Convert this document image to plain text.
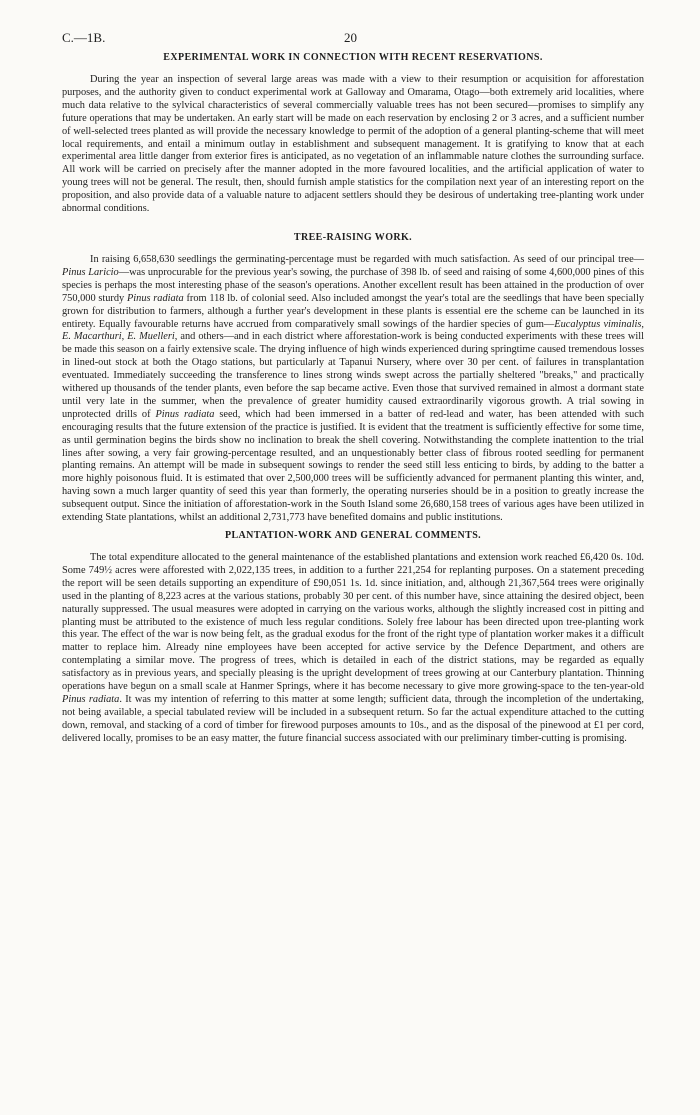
C.—1B.	20
EXPERIMENTAL WORK IN CONNECTION WITH RECENT RESERVATIONS.

During the year an inspection of several large areas was made with a view to their resumption or acquisition for afforestation purposes, and the authority given to conduct experimental work at Galloway and Omarama, Otago—both extremely arid localities, where much data relative to the sylvical characteristics of several commercially valuable trees has not been secured—promises to simplify any future operations that may be undertaken. An early start will be made on each reservation by enclosing 2 or 3 acres, and a sufficient number of well-selected trees planted as will provide the necessary knowledge to permit of the adoption of a general planting-scheme that will meet local requirements, and entail a minimum outlay in establishment and subsequent management. It is gratifying to know that at each experimental area little danger from exterior fires is anticipated, as no vegetation of an inflammable nature clothes the surrounding surface. All work will be carried on precisely after the manner adopted in the more favoured localities, and the artificial application of water to young trees will not be general. The result, then, should furnish ample statistics for the compilation next year of an interesting report on the proposition, and also provide data of a valuable nature to adjacent settlers should they be desirous of undertaking tree-planting work under abnormal conditions.

TREE-RAISING WORK.

In raising 6,658,630 seedlings the germinating-percentage must be regarded with much satisfaction. As seed of our principal tree—Pinus Laricio—was unprocurable for the previous year's sowing, the purchase of 398 lb. of seed and raising of some 4,600,000 pines of this species is perhaps the most interesting phase of the season's operations. Another excellent result has been attained in the production of over 750,000 sturdy Pinus radiata from 118 lb. of colonial seed. Also included amongst the year's total are the seedlings that have been specially grown for distribution to farmers, although a further year's development in these plants is essential ere the scheme can be launched in its entirety. Equally favourable returns have accrued from comparatively small sowings of the hardier species of gum—Eucalyptus viminalis, E. Macarthuri, E. Muelleri, and others—and in each district where afforestation-work is being conducted experiments with these trees will be made this season on a fairly extensive scale. The drying influence of high winds experienced during springtime caused tremendous losses in lined-out stock at both the Otago stations, but particularly at Tapanui Nursery, where over 30 per cent. of failures in transplantation eventuated. Immediately succeeding the transference to lines strong winds swept across the partially sheltered "breaks," and practically withered up thousands of the tender plants, even before the sap became active. Even those that survived remained in almost a dormant state until very late in the summer, when the prevalence of greater humidity caused extraordinarily vigorous growth. A trial sowing in unprotected drills of Pinus radiata seed, which had been immersed in a batter of red-lead and water, has been attended with such encouraging results that the future extension of the practice is justified. It is evident that the treatment is sufficiently effective for some time, as until germination begins the birds show no inclination to break the shell covering. Notwithstanding the complete inattention to the trial lines after sowing, a very fair growing-percentage resulted, and an unquestionably better class of fibrous rooted seedling for permanent planting remains. An attempt will be made in subsequent sowings to render the seed still less enticing to birds, by adding to the batter a more highly poisonous fluid. It is estimated that over 2,500,000 trees will be sufficiently advanced for permanent planting this winter, and, having sown a much larger quantity of seed this year than formerly, the operating nurseries should be in a position to greatly increase the subsequent output. Since the initiation of afforestation-work in the South Island some 26,680,158 trees of various ages have been utilized in extending State plantations, whilst an additional 2,731,773 have benefited domains and public institutions.

PLANTATION-WORK AND GENERAL COMMENTS.

The total expenditure allocated to the general maintenance of the established plantations and extension work reached £6,420 0s. 10d. Some 749½ acres were afforested with 2,022,135 trees, in addition to a further 221,254 for replanting purposes. On a statement preceding the report will be seen details supporting an expenditure of £90,051 1s. 1d. since initiation, and, although 21,367,564 trees were originally used in the planting of 8,223 acres at the various stations, probably 30 per cent. of this number have, since attaining the desired object, been naturally suppressed. The usual measures were adopted in carrying on the various works, although the slightly increased cost in pitting and planting must be attributed to the existence of much less regular conditions. Solely free labour has been directed upon tree-planting work this year. The effect of the war is now being felt, as the gradual exodus for the front of the right type of plantation worker makes it a difficult matter to replace him. Already nine employees have been accepted for active service by the Defence Department, and others are contemplating a similar move. The progress of trees, which is detailed in each of the district stations, may be regarded as equally satisfactory as in previous years, and specially pleasing is the upright development of trees growing at our Canterbury plantation. Thinning operations have begun on a small scale at Hanmer Springs, where it has become necessary to give more growing-space to the ten-year-old Pinus radiata. It was my intention of referring to this matter at some length; sufficient data, through the incompletion of the undertaking, not being available, a special tabulated review will be included in a subsequent return. So far the actual expenditure attached to the cutting down, removal, and stacking of a cord of timber for firewood purposes amounts to 10s., and as the disposal of the pinewood at £1 per cord, delivered locally, promises to be an easy matter, the future financial success associated with our preliminary timber-cutting is promising.
